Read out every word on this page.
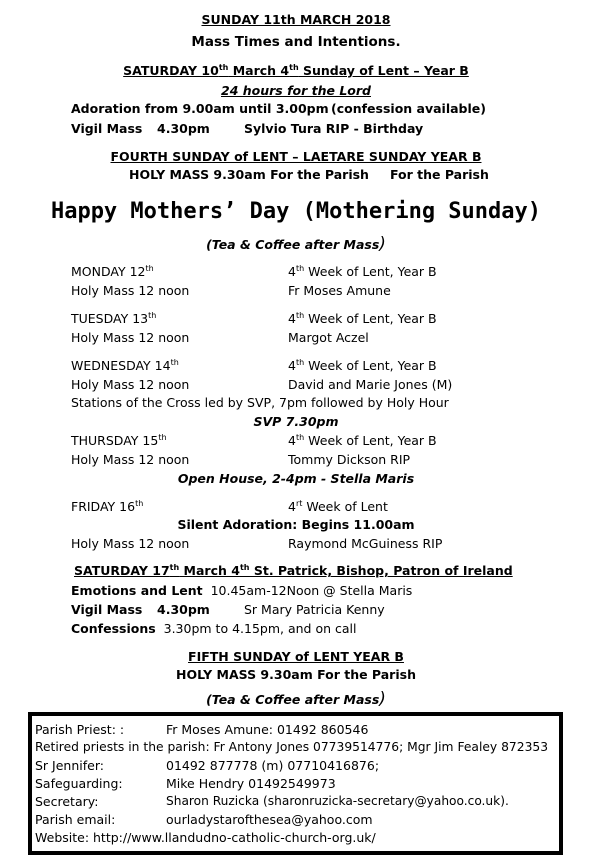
SUNDAY 11th MARCH 2018
Mass Times and Intentions.
SATURDAY 10th March 4th Sunday of Lent – Year B
24 hours for the Lord
Adoration from 9.00am until 3.00pm (confession available)
Vigil Mass 4.30pm	Sylvio Tura RIP - Birthday
FOURTH SUNDAY of LENT – LAETARE SUNDAY YEAR B
HOLY MASS 9.30am For the Parish For the Parish
Happy Mothers’ Day (Mothering Sunday)
(Tea & Coffee after Mass)
MONDAY 12th	4th Week of Lent, Year B
Holy Mass 12 noon	Fr Moses Amune
TUESDAY 13th	4th Week of Lent, Year B
Holy Mass 12 noon	Margot Aczel
WEDNESDAY 14th	4th Week of Lent, Year B
Holy Mass 12 noon	David and Marie Jones (M)
Stations of the Cross led by SVP, 7pm followed by Holy Hour
SVP 7.30pm
THURSDAY 15th	4th Week of Lent, Year B
Holy Mass 12 noon	Tommy Dickson RIP
Open House, 2-4pm - Stella Maris
FRIDAY 16th	$4^{rt}$ Week of Lent
Silent Adoration: Begins 11.00am
Holy Mass 12 noon	Raymond McGuiness RIP
SATURDAY 17th March 4th St. Patrick, Bishop, Patron of Ireland
Emotions and Lent 10.45am-12Noon @ Stella Maris
Vigil Mass 4.30pm	Sr Mary Patricia Kenny
Confessions 3.30pm to 4.15pm, and on call
FIFTH SUNDAY of LENT YEAR B
HOLY MASS 9.30am For the Parish
(Tea & Coffee after Mass)
Parish Priest: :	Fr Moses Amune: 01492 860546
Retired priests in the parish: Fr Antony Jones 07739514776; Mgr Jim Fealey 872353
Sr Jennifer:	01492 877778 (m) 07710416876;
Safeguarding:	Mike Hendry 01492549973
Secretary:	Sharon Ruzicka (sharonruzicka-secretary@yahoo.co.uk).
Parish email:	ourladystarofthesea@yahoo.com
Website: http://www.llandudno-catholic-church-org.uk/
